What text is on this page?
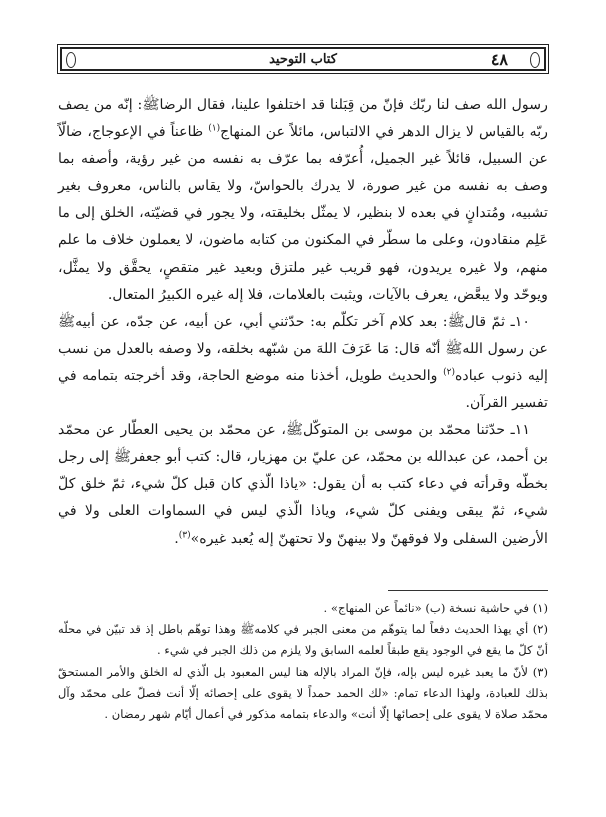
٤٨
كتاب التوحيد

رسول الله صف لنا ربّك فإنّ من قِبَلنا قد اختلفوا علينا، فقال الرضاﷺ: إنّه من يصف ربّه بالقياس لا يزال الدهر في الالتباس، مائلاً عن المنهاج$^{(١)}$ ظاعناً في الإعوجاج، ضالّاً عن السبيل، قائلاً غير الجميل، أُعرّفه بما عرّف به نفسه من غير رؤية، وأصفه بما وصف به نفسه من غير صورة، لا يدرك بالحواسّ، ولا يقاس بالناس، معروف بغير تشبيه، ومُتدانٍ في بعده لا بنظير، لا يمثّل بخليقته، ولا يجور في قضيّته، الخلق إلى ما عَلِم منقادون، وعلى ما سطّر في المكنون من كتابه ماضون، لا يعملون خلاف ما علم منهم، ولا غيره يريدون، فهو قريب غير ملتزق وبعيد غير متقصٍ، يحقَّق ولا يمثَّل، ويوحّد ولا يبعَّض، يعرف بالآيات، ويثبت بالعلامات، فلا إله غيره الكبيرُ المتعال.

١٠ـ ثمّ قالﷺ: بعد كلام آخر تكلّم به: حدّثني أبي، عن أبيه، عن جدّه، عن أبيهﷺ عن رسول اللهﷺ أنّه قال: مَا عَرَفَ اللهَ من شبّهه بخلقه، ولا وصفه بالعدل من نسب إليه ذنوب عباده$^{(٢)}$ والحديث طويل، أخذنا منه موضع الحاجة، وقد أخرجته بتمامه في تفسير القرآن.

١١ـ حدّثنا محمّد بن موسى بن المتوكّلﷺ، عن محمّد بن يحيى العطّار عن محمّد بن أحمد، عن عبدالله بن محمّد، عن عليّ بن مهزيار، قال: كتب أبو جعفرﷺ إلى رجل بخطّه وقرأته في دعاء كتب به أن يقول: «ياذا الّذي كان قبل كلّ شيء، ثمّ خلق كلّ شيء، ثمّ يبقى ويفنى كلّ شيء، وياذا الّذي ليس في السماوات العلى ولا في الأرضين السفلى ولا فوقهنّ ولا بينهنّ ولا تحتهنّ إله يُعبد غيره»$^{(٣)}$.

(١) في حاشية نسخة (ب) «نائماً عن المنهاج» .

(٢) أي يهذا الحديث دفعاً لما يتوهّم من معنى الجبر في كلامهﷺ وهذا توهّم باطل إذ قد تبيّن في محلّه أنّ كلّ ما يقع في الوجود يقع طبقاً لعلمه السابق ولا يلزم من ذلك الجبر في شيء .

(٣) لأنّ ما يعبد غيره ليس بإله، فإنّ المراد بالإله هنا ليس المعبود بل الّذي له الخلق والأمر المستحقّ بذلك للعبادة، ولهذا الدعاء تمام: «لك الحمد حمداً لا يقوى على إحصائه إلّا أنت فصلّ على محمّد وآل محمّد صلاة لا يقوى على إحصائها إلّا أنت» والدعاء بتمامه مذكور في أعمال أيّام شهر رمضان .
